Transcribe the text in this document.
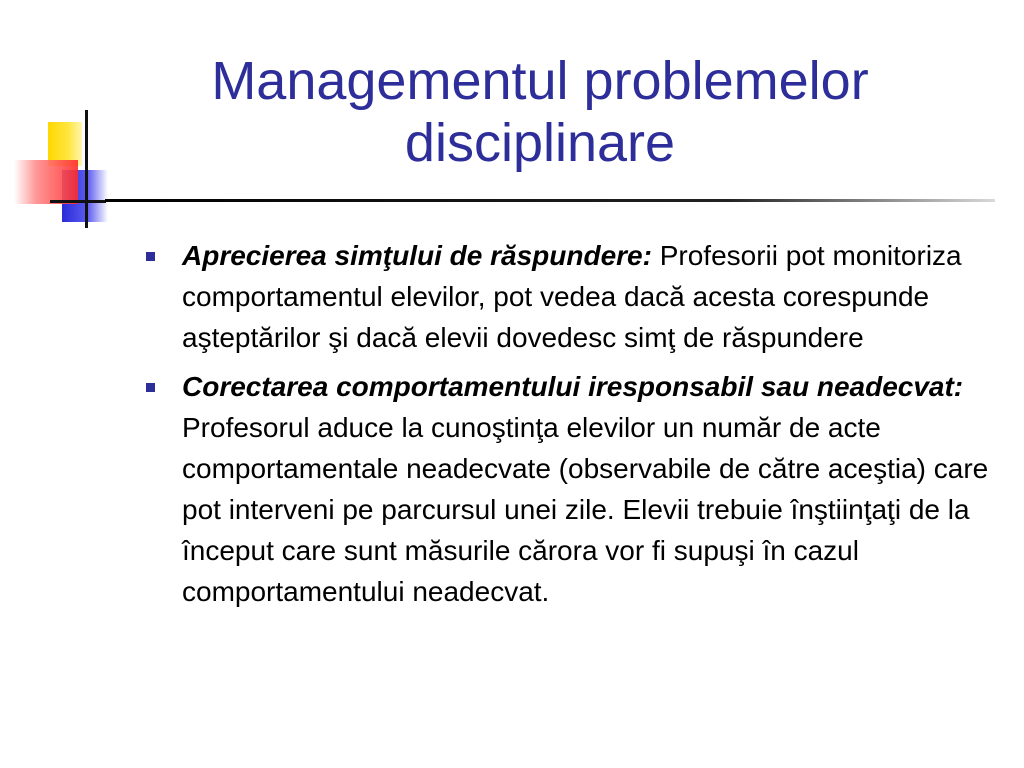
Managementul problemelor
disciplinare
Aprecierea simţului de răspundere: Profesorii pot monitoriza comportamentul elevilor, pot vedea dacă acesta corespunde aşteptărilor şi dacă elevii dovedesc simţ de răspundere
Corectarea comportamentului iresponsabil sau neadecvat: Profesorul aduce la cunoştinţa elevilor un număr de acte comportamentale neadecvate (observabile de către aceştia) care pot interveni pe parcursul unei zile. Elevii trebuie înştiinţaţi de la început care sunt măsurile cărora vor fi supuşi în cazul comportamentului neadecvat.
